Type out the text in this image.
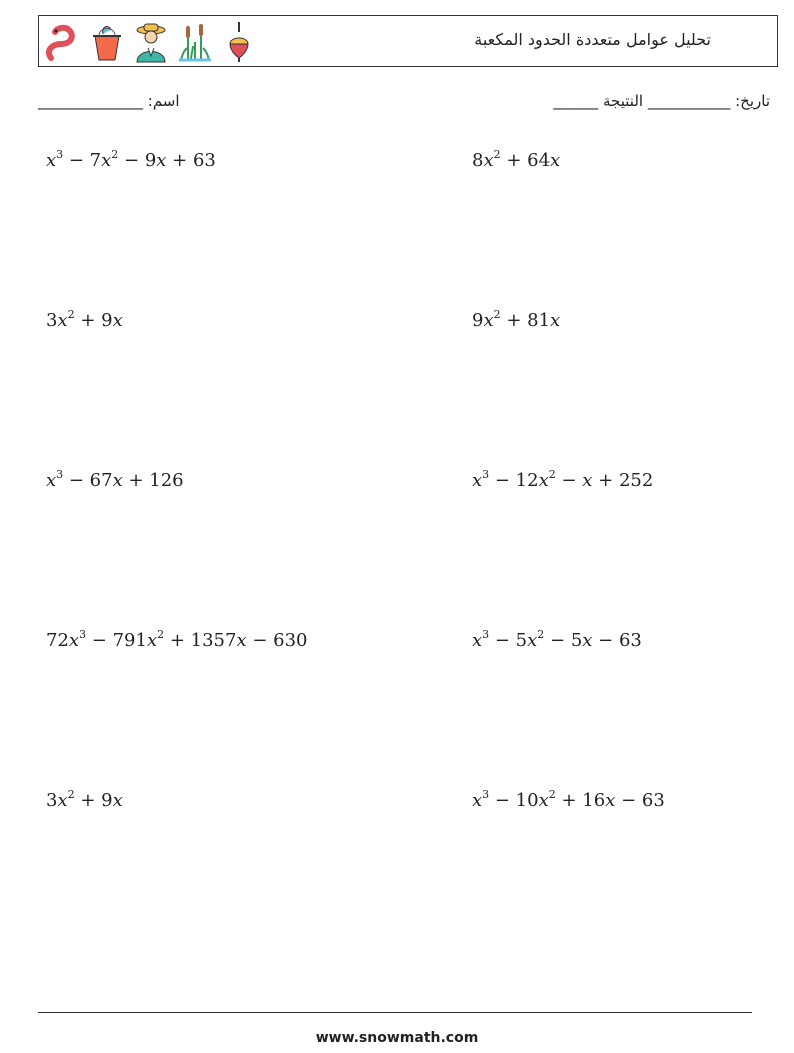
تحليل عوامل متعددة الحدود المكعبة
اسم: ______________	تاريخ: ___________ النتيجة ______
$x^3 - 7x^2 - 9x + 63$	$8x^2 + 64x$
$3x^2 + 9x$	$9x^2 + 81x$
$x^3 - 67x + 126$	$x^3 - 12x^2 - x + 252$
$72x^3 - 791x^2 + 1357x - 630$	$x^3 - 5x^2 - 5x - 63$
$3x^2 + 9x$	$x^3 - 10x^2 + 16x - 63$
www.snowmath.com
